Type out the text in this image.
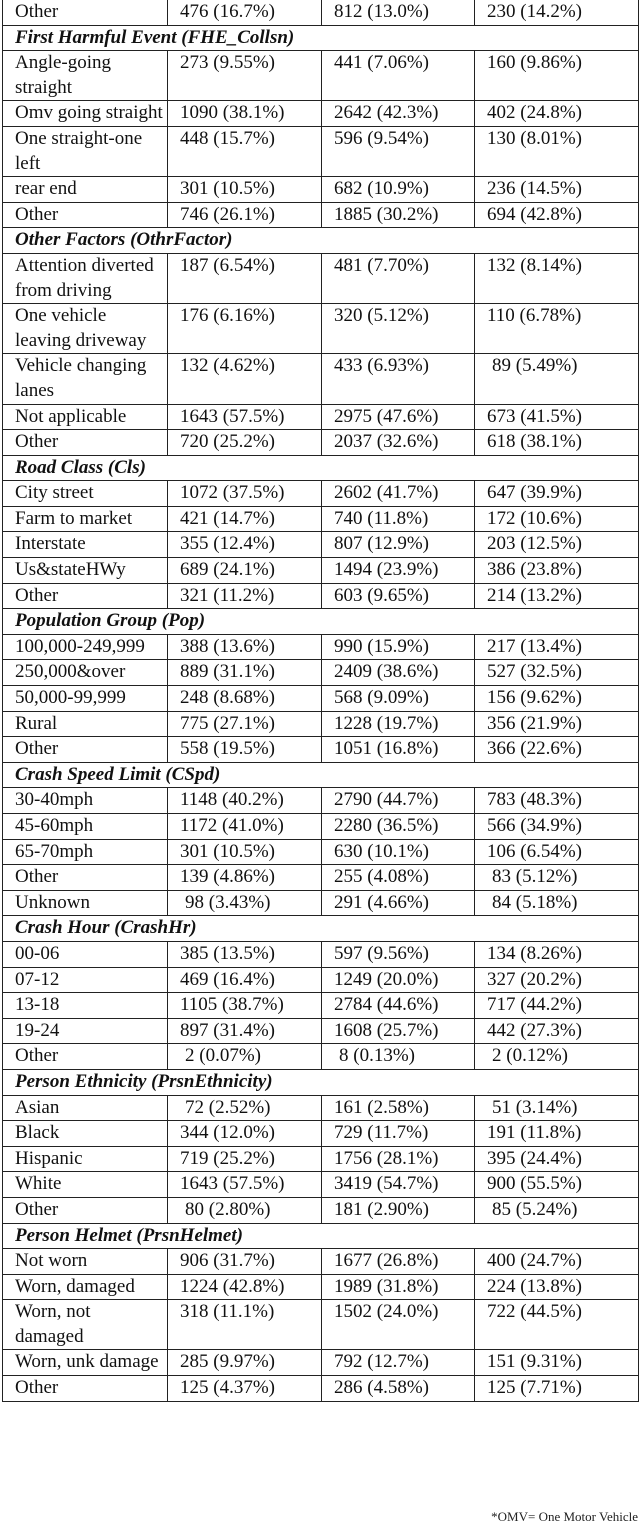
Other	476 (16.7%)	812 (13.0%)	230 (14.2%)
First Harmful Event (FHE_Collsn)			
Angle-going straight	273 (9.55%)	441 (7.06%)	160 (9.86%)
Omv going straight	1090 (38.1%)	2642 (42.3%)	402 (24.8%)
One straight-one left	448 (15.7%)	596 (9.54%)	130 (8.01%)
rear end	301 (10.5%)	682 (10.9%)	236 (14.5%)
Other	746 (26.1%)	1885 (30.2%)	694 (42.8%)
Other Factors (OthrFactor)			
Attention diverted from driving	187 (6.54%)	481 (7.70%)	132 (8.14%)
One vehicle leaving driveway	176 (6.16%)	320 (5.12%)	110 (6.78%)
Vehicle changing lanes	132 (4.62%)	433 (6.93%)	89 (5.49%)
Not applicable	1643 (57.5%)	2975 (47.6%)	673 (41.5%)
Other	720 (25.2%)	2037 (32.6%)	618 (38.1%)
Road Class (Cls)			
City street	1072 (37.5%)	2602 (41.7%)	647 (39.9%)
Farm to market	421 (14.7%)	740 (11.8%)	172 (10.6%)
Interstate	355 (12.4%)	807 (12.9%)	203 (12.5%)
Us&stateHWy	689 (24.1%)	1494 (23.9%)	386 (23.8%)
Other	321 (11.2%)	603 (9.65%)	214 (13.2%)
Population Group (Pop)			
100,000-249,999	388 (13.6%)	990 (15.9%)	217 (13.4%)
250,000&over	889 (31.1%)	2409 (38.6%)	527 (32.5%)
50,000-99,999	248 (8.68%)	568 (9.09%)	156 (9.62%)
Rural	775 (27.1%)	1228 (19.7%)	356 (21.9%)
Other	558 (19.5%)	1051 (16.8%)	366 (22.6%)
Crash Speed Limit (CSpd)			
30-40mph	1148 (40.2%)	2790 (44.7%)	783 (48.3%)
45-60mph	1172 (41.0%)	2280 (36.5%)	566 (34.9%)
65-70mph	301 (10.5%)	630 (10.1%)	106 (6.54%)
Other	139 (4.86%)	255 (4.08%)	83 (5.12%)
Unknown	98 (3.43%)	291 (4.66%)	84 (5.18%)
Crash Hour (CrashHr)			
00-06	385 (13.5%)	597 (9.56%)	134 (8.26%)
07-12	469 (16.4%)	1249 (20.0%)	327 (20.2%)
13-18	1105 (38.7%)	2784 (44.6%)	717 (44.2%)
19-24	897 (31.4%)	1608 (25.7%)	442 (27.3%)
Other	2 (0.07%)	8 (0.13%)	2 (0.12%)
Person Ethnicity (PrsnEthnicity)			
Asian	72 (2.52%)	161 (2.58%)	51 (3.14%)
Black	344 (12.0%)	729 (11.7%)	191 (11.8%)
Hispanic	719 (25.2%)	1756 (28.1%)	395 (24.4%)
White	1643 (57.5%)	3419 (54.7%)	900 (55.5%)
Other	80 (2.80%)	181 (2.90%)	85 (5.24%)
Person Helmet (PrsnHelmet)			
Not worn	906 (31.7%)	1677 (26.8%)	400 (24.7%)
Worn, damaged	1224 (42.8%)	1989 (31.8%)	224 (13.8%)
Worn, not damaged	318 (11.1%)	1502 (24.0%)	722 (44.5%)
Worn, unk damage	285 (9.97%)	792 (12.7%)	151 (9.31%)
Other	125 (4.37%)	286 (4.58%)	125 (7.71%)
*OMV= One Motor Vehicle
